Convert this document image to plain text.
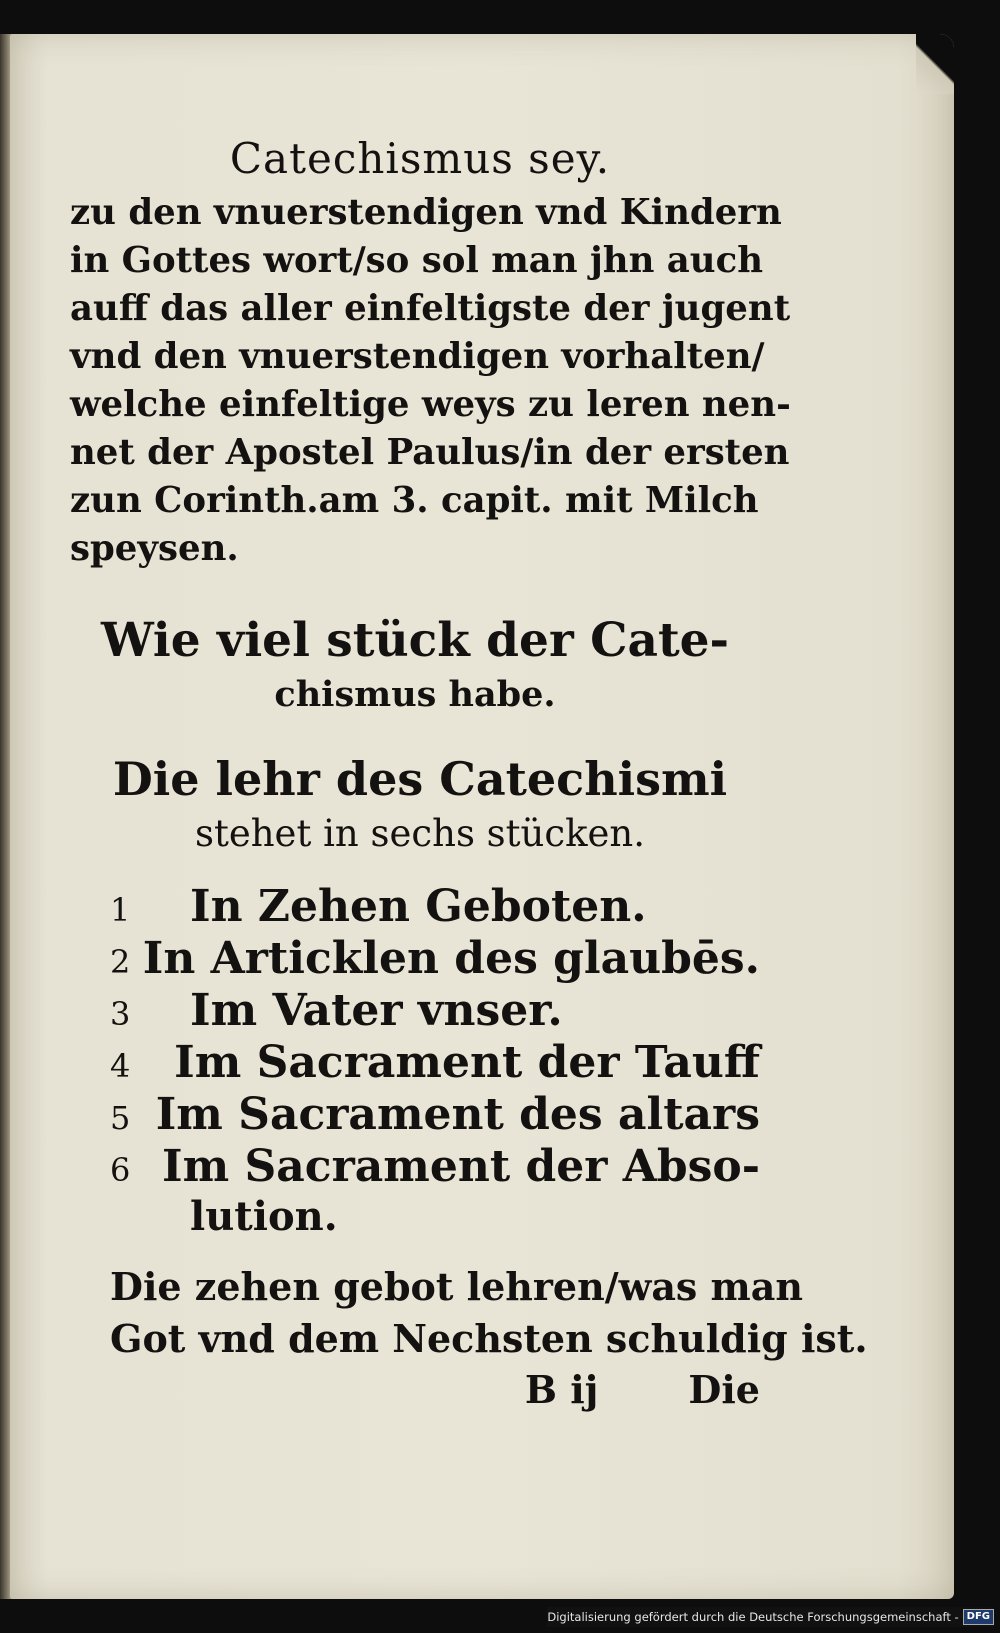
Catechismus sey.

zu den vnuerstendigen vnd Kindern
in Gottes wort/so sol man jhn auch
auff das aller einfeltigste der jugent
vnd den vnuerstendigen vorhalten/
welche einfeltige weys zu leren nen-
net der Apostel Paulus/in der ersten
zun Corinth.am 3. capit. mit Milch
speysen.

Wie viel stück der Cate-
chismus habe.
Die lehr des Catechismi
stehet in sechs stücken.
1	In Zehen Geboten.
2 In Articklen des glaubēs.
3	Im Vater vnser.
4 Im Sacrament der Tauff
5 Im Sacrament des altars
6 Im Sacrament der Abso-
lution.
Die zehen gebot lehren/was man
Got vnd dem Nechsten schuldig ist.
B ij Die
Digitalisierung gefördert durch die Deutsche Forschungsgemeinschaft - DFG
